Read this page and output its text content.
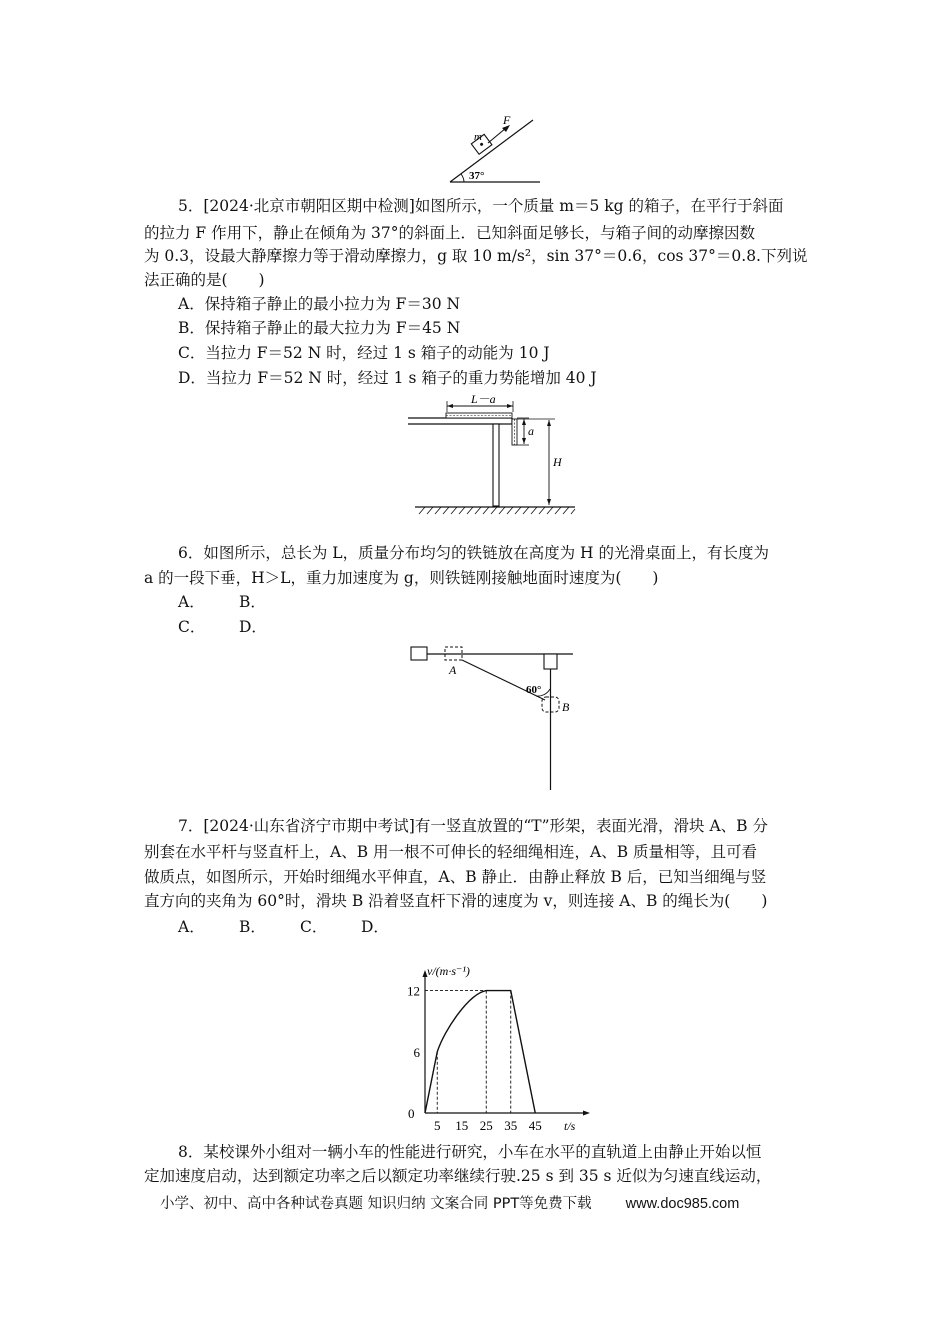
m
F
37°
5．[2024·北京市朝阳区期中检测]如图所示，一个质量 m＝5 kg 的箱子，在平行于斜面
的拉力 F 作用下，静止在倾角为 37°的斜面上．已知斜面足够长，与箱子间的动摩擦因数
为 0.3，设最大静摩擦力等于滑动摩擦力，g 取 10 m/s²，sin 37°＝0.6，cos 37°＝0.8.下列说
法正确的是(　　)
A．保持箱子静止的最小拉力为 F＝30 N
B．保持箱子静止的最大拉力为 F＝45 N
C．当拉力 F＝52 N 时，经过 1 s 箱子的动能为 10 J
D．当拉力 F＝52 N 时，经过 1 s 箱子的重力势能增加 40 J
L－a
a
H
6．如图所示，总长为 L，质量分布均匀的铁链放在高度为 H 的光滑桌面上，有长度为
a 的一段下垂，H＞L，重力加速度为 g，则铁链刚接触地面时速度为(　　)
A． B．
C． D．
A
B
60°
7．[2024·山东省济宁市期中考试]有一竖直放置的“T”形架，表面光滑，滑块 A、B 分
别套在水平杆与竖直杆上，A、B 用一根不可伸长的轻细绳相连，A、B 质量相等，且可看
做质点，如图所示，开始时细绳水平伸直，A、B 静止．由静止释放 B 后，已知当细绳与竖
直方向的夹角为 60°时，滑块 B 沿着竖直杆下滑的速度为 v，则连接 A、B 的绳长为(　　)
A． B． C． D．
v/(m·s⁻¹)
t/s
0
5 15 25 35 45
6
12
8．某校课外小组对一辆小车的性能进行研究，小车在水平的直轨道上由静止开始以恒
定加速度启动，达到额定功率之后以额定功率继续行驶.25 s 到 35 s 近似为匀速直线运动，
小学、初中、高中各种试卷真题 知识归纳 文案合同 PPT等免费下载 www.doc985.com
